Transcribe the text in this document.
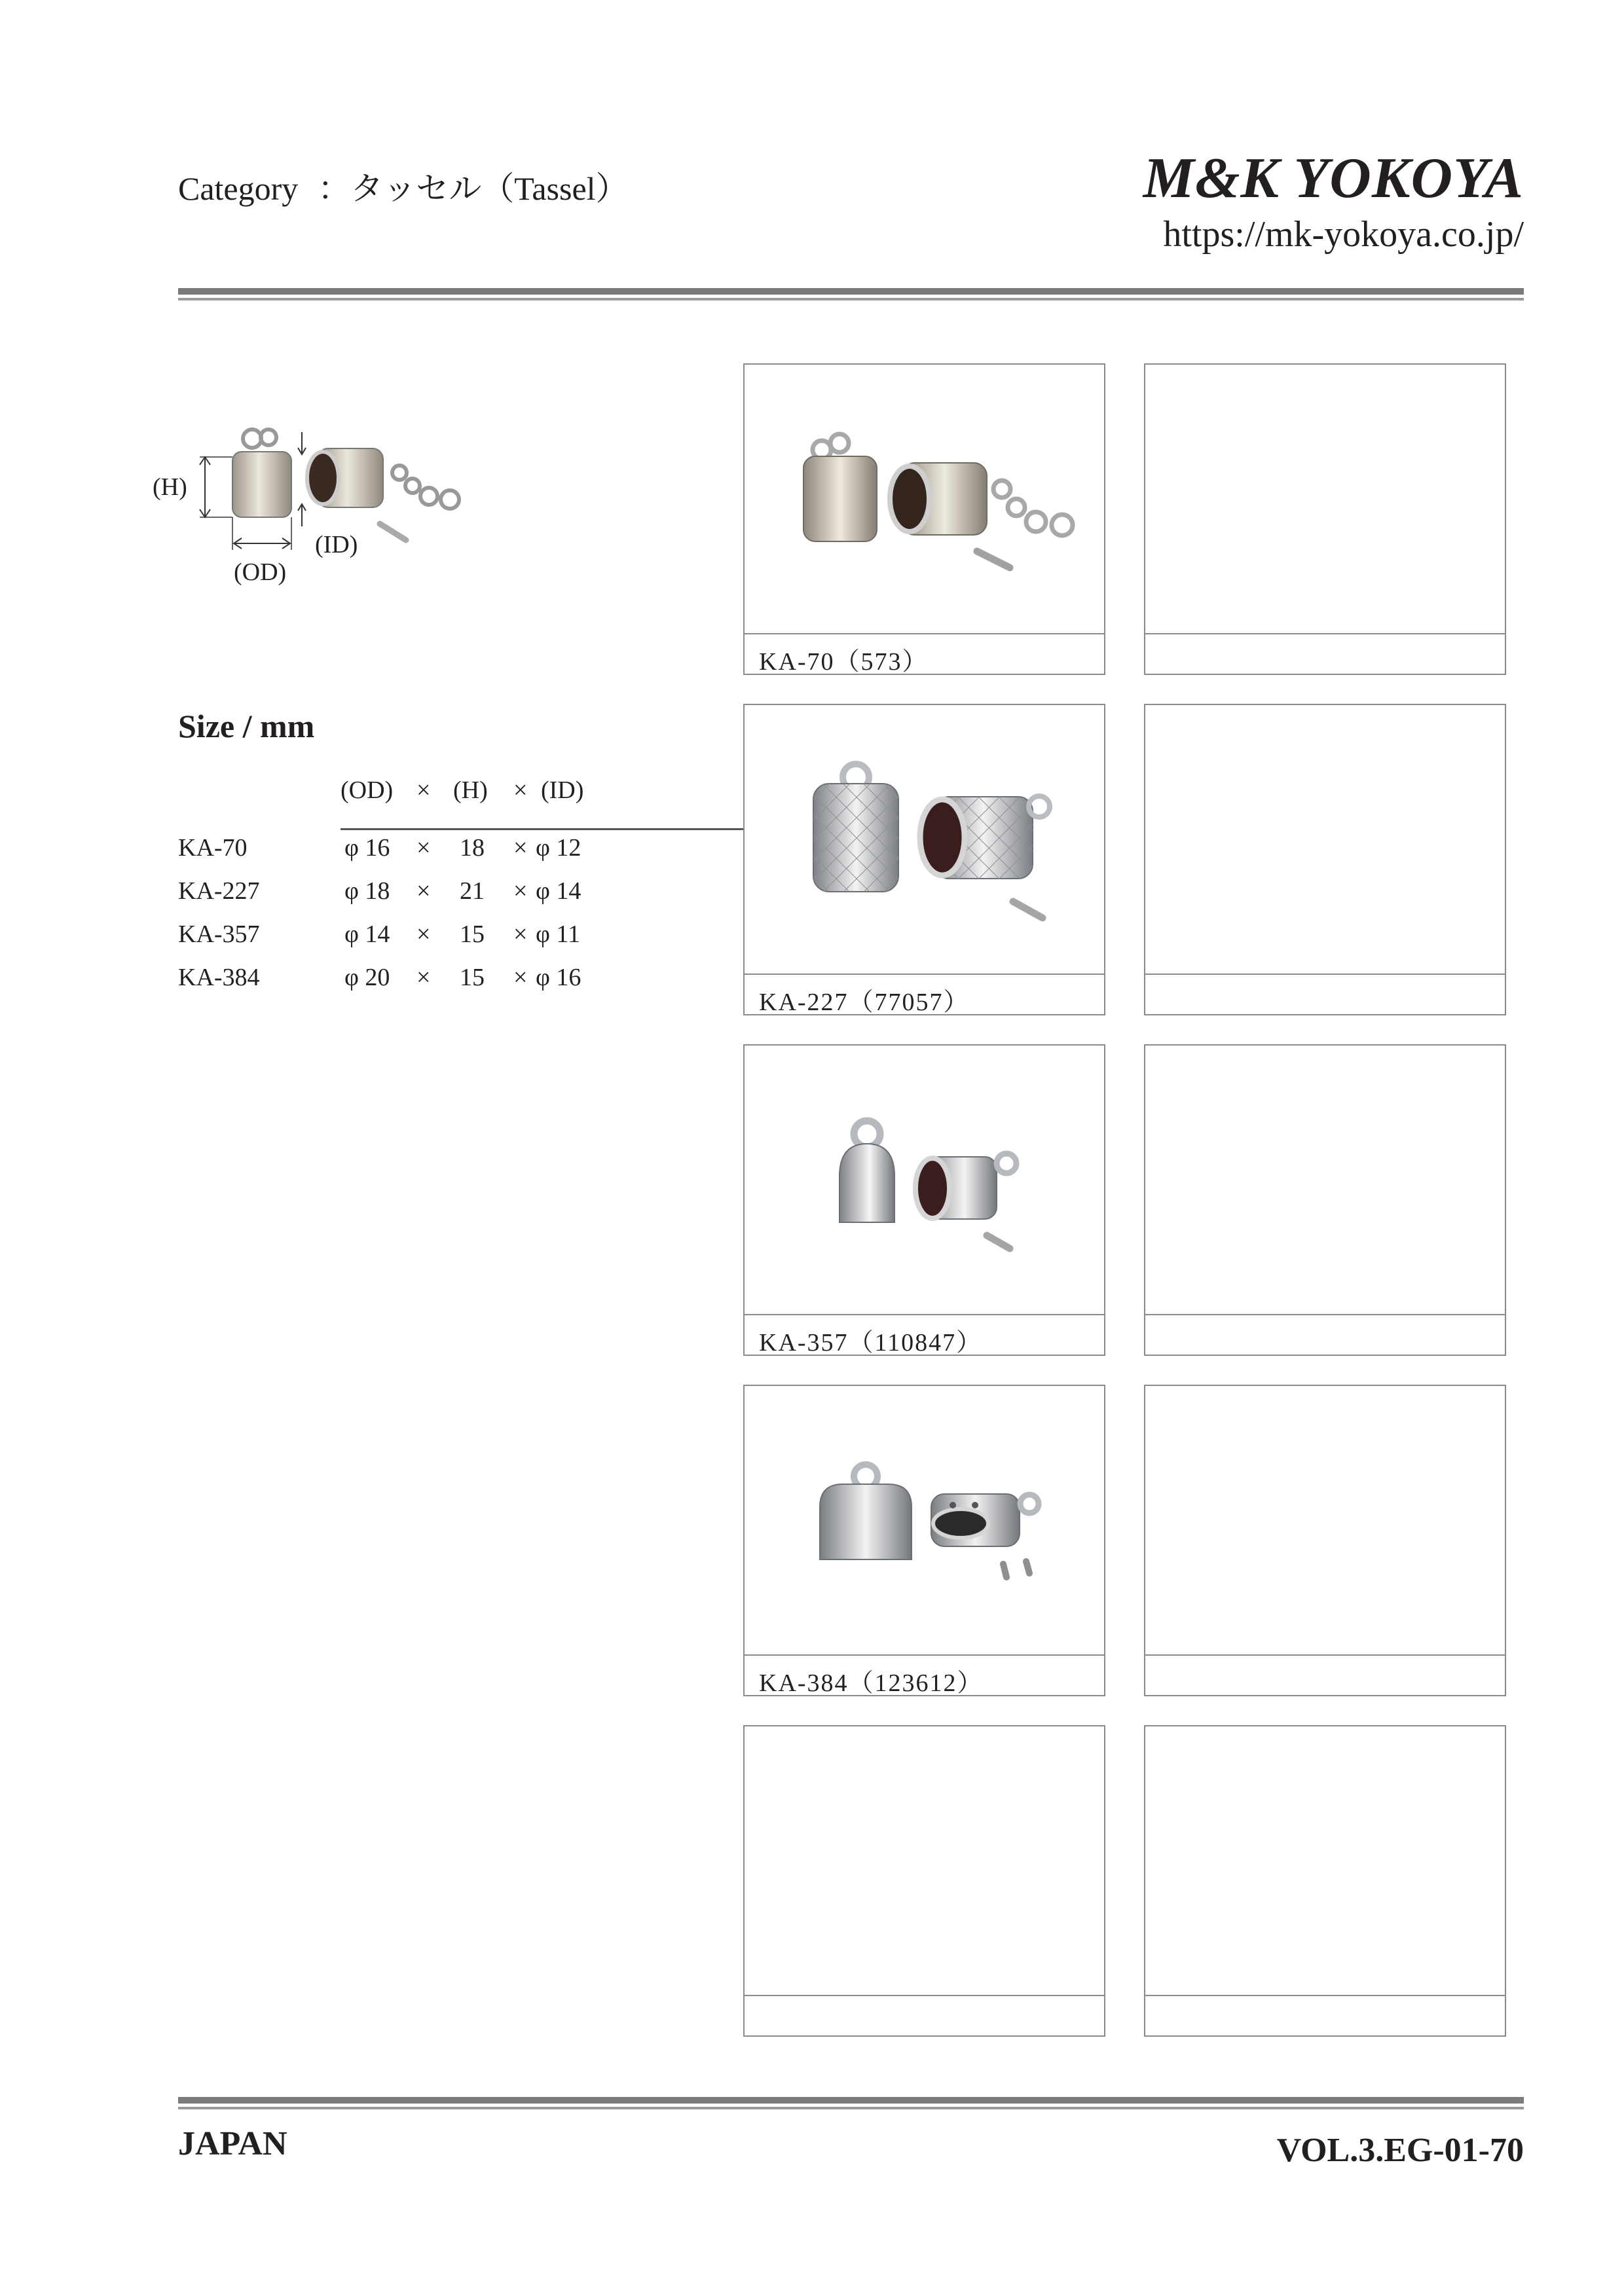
Category ：タッセル（Tassel）	M&K YOKOYA
https://mk-yokoya.co.jp/
(H)
(OD)
(ID)
Size / mm
(OD) × (H) × (ID)
KA-70	φ 16 × 18 × φ 12
KA-227	φ 18 × 21 × φ 14
KA-357	φ 14 × 15 × φ 11
KA-384	φ 20 × 15 × φ 16
KA-70（573）
KA-227（77057）
KA-357（110847）
KA-384（123612）
JAPAN	VOL.3.EG-01-70
